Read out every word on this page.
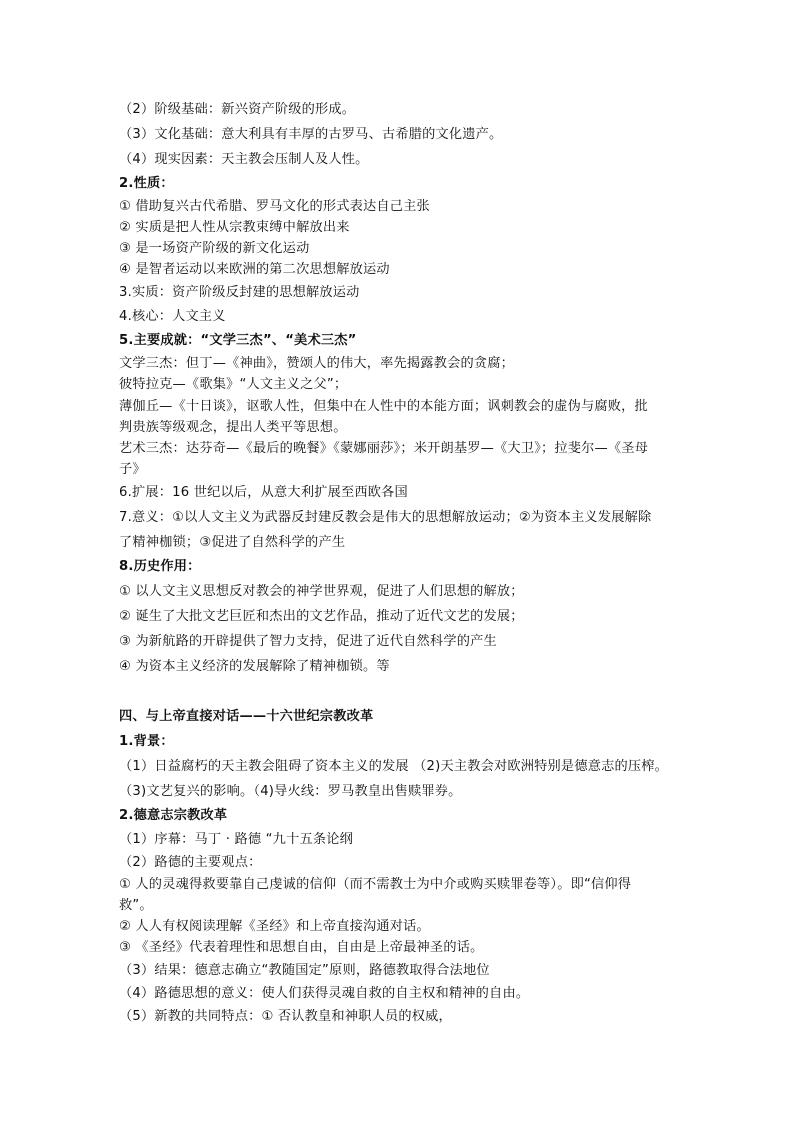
（2）阶级基础：新兴资产阶级的形成。
（3）文化基础：意大利具有丰厚的古罗马、古希腊的文化遗产。
（4）现实因素：天主教会压制人及人性。
2.性质：
① 借助复兴古代希腊、罗马文化的形式表达自己主张
② 实质是把人性从宗教束缚中解放出来
③ 是一场资产阶级的新文化运动
④ 是智者运动以来欧洲的第二次思想解放运动
3.实质：资产阶级反封建的思想解放运动
4.核心：人文主义
5.主要成就：“文学三杰”、“美术三杰”
文学三杰：但丁—《神曲》，赞颂人的伟大，率先揭露教会的贪腐；
彼特拉克—《歌集》“人文主义之父”；
薄伽丘—《十日谈》，讴歌人性，但集中在人性中的本能方面；讽刺教会的虚伪与腐败，批
判贵族等级观念，提出人类平等思想。
艺术三杰：达芬奇—《最后的晚餐》《蒙娜丽莎》；米开朗基罗—《大卫》；拉斐尔—《圣母
子》
6.扩展：16 世纪以后，从意大利扩展至西欧各国
7.意义：①以人文主义为武器反封建反教会是伟大的思想解放运动；②为资本主义发展解除
了精神枷锁；③促进了自然科学的产生
8.历史作用：
① 以人文主义思想反对教会的神学世界观，促进了人们思想的解放；
② 诞生了大批文艺巨匠和杰出的文艺作品，推动了近代文艺的发展；
③ 为新航路的开辟提供了智力支持，促进了近代自然科学的产生
④ 为资本主义经济的发展解除了精神枷锁。等
四、与上帝直接对话——十六世纪宗教改革
1.背景：
（1）日益腐朽的天主教会阻碍了资本主义的发展 （2)天主教会对欧洲特别是德意志的压榨。
（3)文艺复兴的影响。（4)导火线：罗马教皇出售赎罪券。
2.德意志宗教改革
（1）序幕：马丁 · 路德 “九十五条论纲
（2）路德的主要观点：
① 人的灵魂得救要靠自己虔诚的信仰（而不需教士为中介或购买赎罪卷等）。即“信仰得
救”。
② 人人有权阅读理解《圣经》和上帝直接沟通对话。
③ 《圣经》代表着理性和思想自由，自由是上帝最神圣的话。
（3）结果：德意志确立“教随国定”原则，路德教取得合法地位
（4）路德思想的意义：使人们获得灵魂自救的自主权和精神的自由。
（5）新教的共同特点：① 否认教皇和神职人员的权威，
